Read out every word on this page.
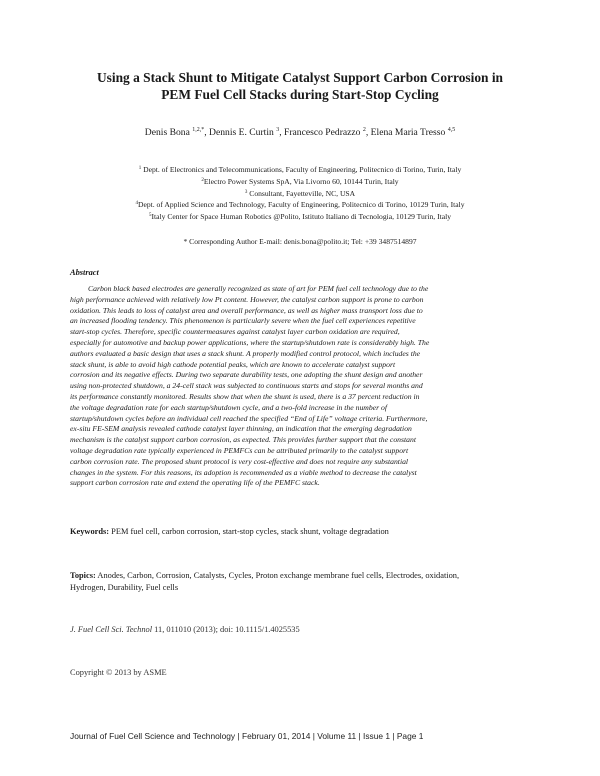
Using a Stack Shunt to Mitigate Catalyst Support Carbon Corrosion in
PEM Fuel Cell Stacks during Start-Stop Cycling
Denis Bona $^{1,2,*}$, Dennis E. Curtin $^3$, Francesco Pedrazzo $^2$, Elena Maria Tresso $^{4,5}$
$^1$ Dept. of Electronics and Telecommunications, Faculty of Engineering, Politecnico di Torino, Turin, Italy
$^2$Electro Power Systems SpA, Via Livorno 60, 10144 Turin, Italy
$^3$ Consultant, Fayetteville, NC, USA
$^4$Dept. of Applied Science and Technology, Faculty of Engineering, Politecnico di Torino, 10129 Turin, Italy
$^5$Italy Center for Space Human Robotics @Polito, Istituto Italiano di Tecnologia, 10129 Turin, Italy
* Corresponding Author E-mail: denis.bona@polito.it; Tel: +39 3487514897
Abstract
Carbon black based electrodes are generally recognized as state of art for PEM fuel cell technology due to the
high performance achieved with relatively low Pt content. However, the catalyst carbon support is prone to carbon
oxidation. This leads to loss of catalyst area and overall performance, as well as higher mass transport loss due to
an increased flooding tendency. This phenomenon is particularly severe when the fuel cell experiences repetitive
start-stop cycles. Therefore, specific countermeasures against catalyst layer carbon oxidation are required,
especially for automotive and backup power applications, where the startup/shutdown rate is considerably high. The
authors evaluated a basic design that uses a stack shunt. A properly modified control protocol, which includes the
stack shunt, is able to avoid high cathode potential peaks, which are known to accelerate catalyst support
corrosion and its negative effects. During two separate durability tests, one adopting the shunt design and another
using non-protected shutdown, a 24-cell stack was subjected to continuous starts and stops for several months and
its performance constantly monitored. Results show that when the shunt is used, there is a 37 percent reduction in
the voltage degradation rate for each startup/shutdown cycle, and a two-fold increase in the number of
startup/shutdown cycles before an individual cell reached the specified “End of Life” voltage criteria. Furthermore,
ex-situ FE-SEM analysis revealed cathode catalyst layer thinning, an indication that the emerging degradation
mechanism is the catalyst support carbon corrosion, as expected. This provides further support that the constant
voltage degradation rate typically experienced in PEMFCs can be attributed primarily to the catalyst support
carbon corrosion rate. The proposed shunt protocol is very cost-effective and does not require any substantial
changes in the system. For this reasons, its adoption is recommended as a viable method to decrease the catalyst
support carbon corrosion rate and extend the operating life of the PEMFC stack.
Keywords: PEM fuel cell, carbon corrosion, start-stop cycles, stack shunt, voltage degradation
Topics: Anodes, Carbon, Corrosion, Catalysts, Cycles, Proton exchange membrane fuel cells, Electrodes, oxidation,
Hydrogen, Durability, Fuel cells
J. Fuel Cell Sci. Technol 11, 011010 (2013); doi: 10.1115/1.4025535
Copyright © 2013 by ASME
Journal of Fuel Cell Science and Technology | February 01, 2014 | Volume 11 | Issue 1 | Page 1
